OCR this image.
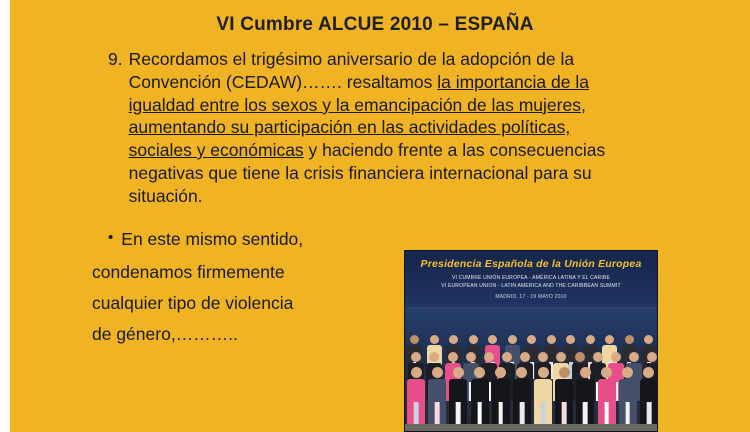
VI Cumbre ALCUE 2010 – ESPAÑA
9. Recordamos el trigésimo aniversario de la adopción de la Convención (CEDAW)……. resaltamos la importancia de la igualdad entre los sexos y la emancipación de las mujeres, aumentando su participación en las actividades políticas, sociales y económicas y haciendo frente a las consecuencias negativas que tiene la crisis financiera internacional para su situación.
• En este mismo sentido,
condenamos firmemente
cualquier tipo de violencia
de género,………..
Presidencia Española de la Unión Europea
VI CUMBRE UNIÓN EUROPEA - AMÉRICA LATINA Y EL CARIBE
VI EUROPEAN UNION - LATIN AMERICA AND THE CARIBBEAN SUMMIT
MADRID, 17 - 19 MAYO 2010
